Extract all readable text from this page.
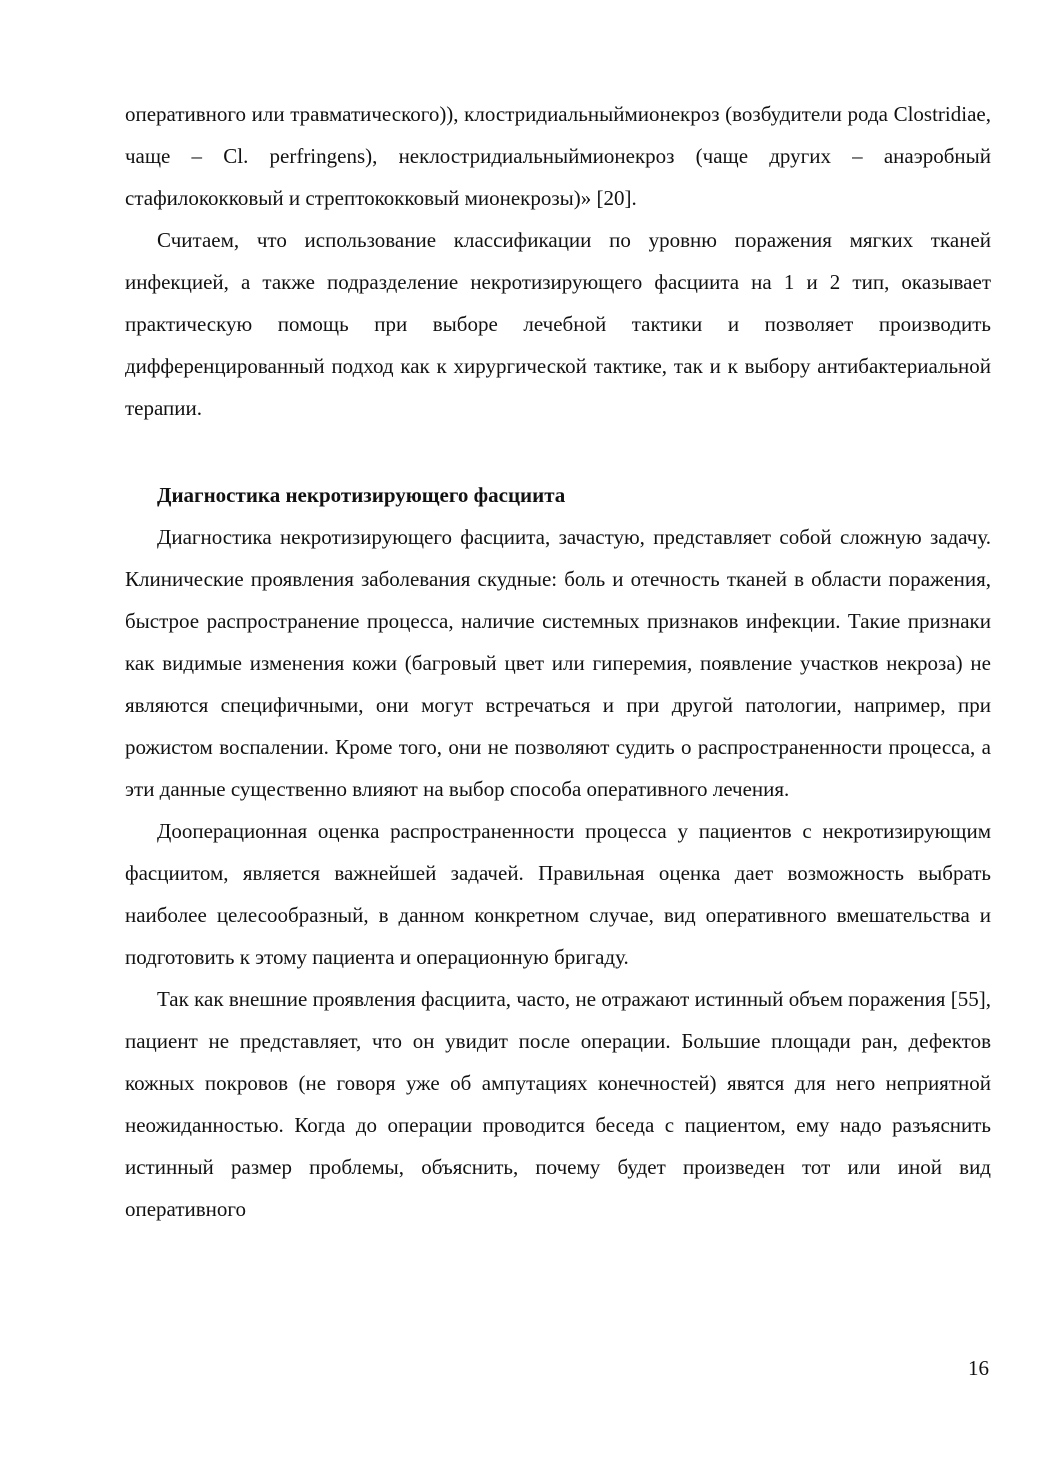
оперативного или травматического)), клостридиальныймионекроз (возбудители рода Clostridiae, чаще – Cl. perfringens), неклостридиальныймионекроз (чаще других – анаэробный стафилококковый и стрептококковый мионекрозы)» [20].

Считаем, что использование классификации по уровню поражения мягких тканей инфекцией, а также подразделение некротизирующего фасциита на 1 и 2 тип, оказывает практическую помощь при выборе лечебной тактики и позволяет производить дифференцированный подход как к хирургической тактике, так и к выбору антибактериальной терапии.

Диагностика некротизирующего фасциита

Диагностика некротизирующего фасциита, зачастую, представляет собой сложную задачу. Клинические проявления заболевания скудные: боль и отечность тканей в области поражения, быстрое распространение процесса, наличие системных признаков инфекции. Такие признаки как видимые изменения кожи (багровый цвет или гиперемия, появление участков некроза) не являются специфичными, они могут встречаться и при другой патологии, например, при рожистом воспалении. Кроме того, они не позволяют судить о распространенности процесса, а эти данные существенно влияют на выбор способа оперативного лечения.

Дооперационная оценка распространенности процесса у пациентов с некротизирующим фасциитом, является важнейшей задачей. Правильная оценка дает возможность выбрать наиболее целесообразный, в данном конкретном случае, вид оперативного вмешательства и подготовить к этому пациента и операционную бригаду.

Так как внешние проявления фасциита, часто, не отражают истинный объем поражения [55], пациент не представляет, что он увидит после операции. Большие площади ран, дефектов кожных покровов (не говоря уже об ампутациях конечностей) явятся для него неприятной неожиданностью. Когда до операции проводится беседа с пациентом, ему надо разъяснить истинный размер проблемы, объяснить, почему будет произведен тот или иной вид оперативного

16
